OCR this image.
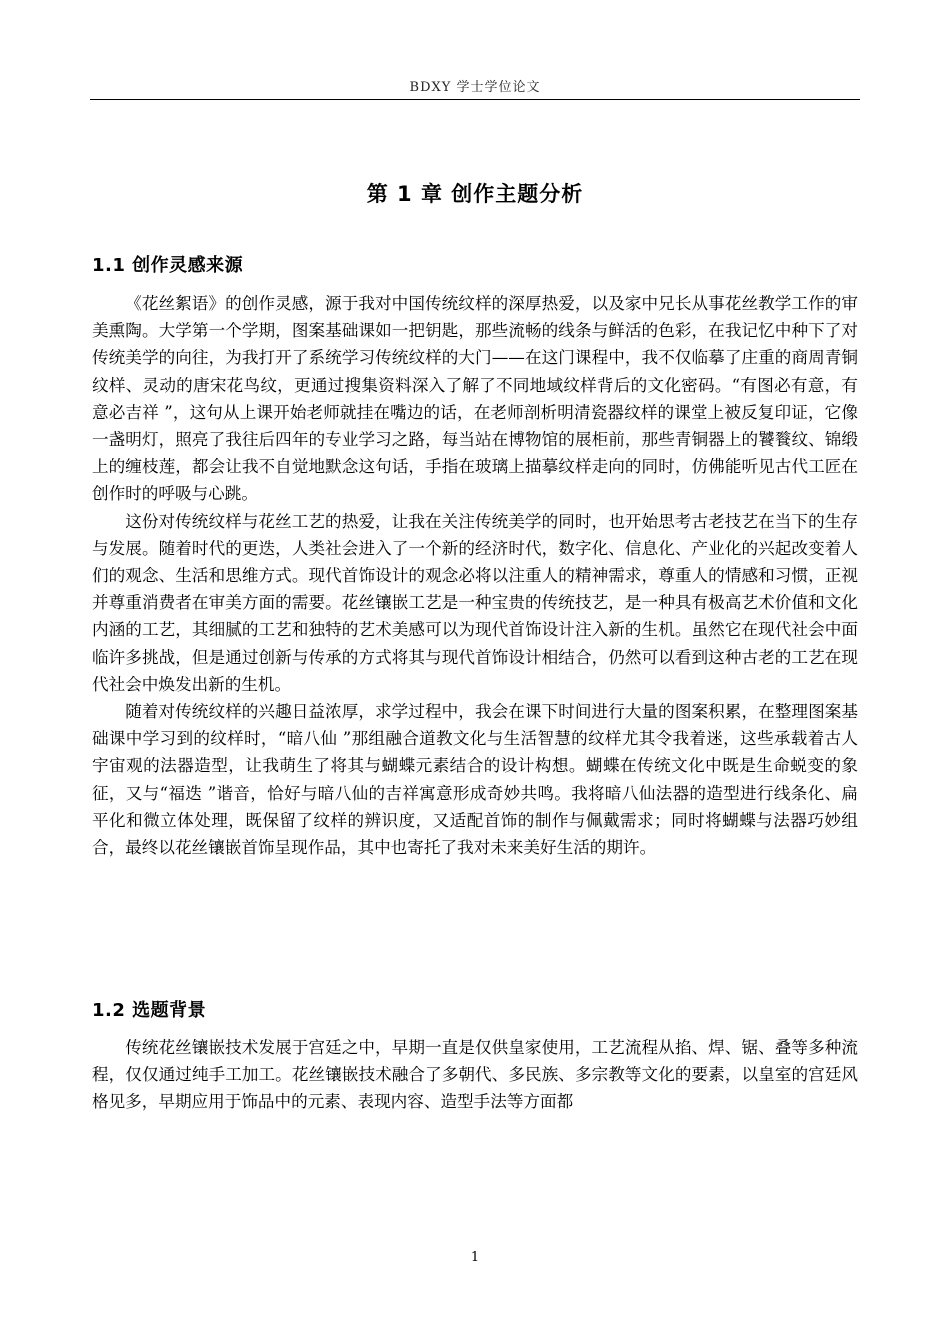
BDXY 学士学位论文
第 1 章 创作主题分析
1.1 创作灵感来源

《花丝絮语》的创作灵感，源于我对中国传统纹样的深厚热爱，以及家中兄长从事花丝教学工作的审美熏陶。大学第一个学期，图案基础课如一把钥匙，那些流畅的线条与鲜活的色彩，在我记忆中种下了对传统美学的向往，为我打开了系统学习传统纹样的大门——在这门课程中，我不仅临摹了庄重的商周青铜纹样、灵动的唐宋花鸟纹，更通过搜集资料深入了解了不同地域纹样背后的文化密码。“有图必有意，有意必吉祥 ”，这句从上课开始老师就挂在嘴边的话，在老师剖析明清瓷器纹样的课堂上被反复印证，它像一盏明灯，照亮了我往后四年的专业学习之路，每当站在博物馆的展柜前，那些青铜器上的饕餮纹、锦缎上的缠枝莲，都会让我不自觉地默念这句话，手指在玻璃上描摹纹样走向的同时，仿佛能听见古代工匠在创作时的呼吸与心跳。

这份对传统纹样与花丝工艺的热爱，让我在关注传统美学的同时，也开始思考古老技艺在当下的生存与发展。随着时代的更迭，人类社会进入了一个新的经济时代，数字化、信息化、产业化的兴起改变着人们的观念、生活和思维方式。现代首饰设计的观念必将以注重人的精神需求，尊重人的情感和习惯，正视并尊重消费者在审美方面的需要。花丝镶嵌工艺是一种宝贵的传统技艺，是一种具有极高艺术价值和文化内涵的工艺，其细腻的工艺和独特的艺术美感可以为现代首饰设计注入新的生机。虽然它在现代社会中面临许多挑战，但是通过创新与传承的方式将其与现代首饰设计相结合，仍然可以看到这种古老的工艺在现代社会中焕发出新的生机。

随着对传统纹样的兴趣日益浓厚，求学过程中，我会在课下时间进行大量的图案积累，在整理图案基础课中学习到的纹样时，“暗八仙 ”那组融合道教文化与生活智慧的纹样尤其令我着迷，这些承载着古人宇宙观的法器造型，让我萌生了将其与蝴蝶元素结合的设计构想。蝴蝶在传统文化中既是生命蜕变的象征，又与“福迭 ”谐音，恰好与暗八仙的吉祥寓意形成奇妙共鸣。我将暗八仙法器的造型进行线条化、扁平化和微立体处理，既保留了纹样的辨识度，又适配首饰的制作与佩戴需求；同时将蝴蝶与法器巧妙组合，最终以花丝镶嵌首饰呈现作品，其中也寄托了我对未来美好生活的期许。

1.2 选题背景

传统花丝镶嵌技术发展于宫廷之中，早期一直是仅供皇家使用，工艺流程从掐、焊、锯、叠等多种流程，仅仅通过纯手工加工。花丝镶嵌技术融合了多朝代、多民族、多宗教等文化的要素，以皇室的宫廷风格见多，早期应用于饰品中的元素、表现内容、造型手法等方面都

1
